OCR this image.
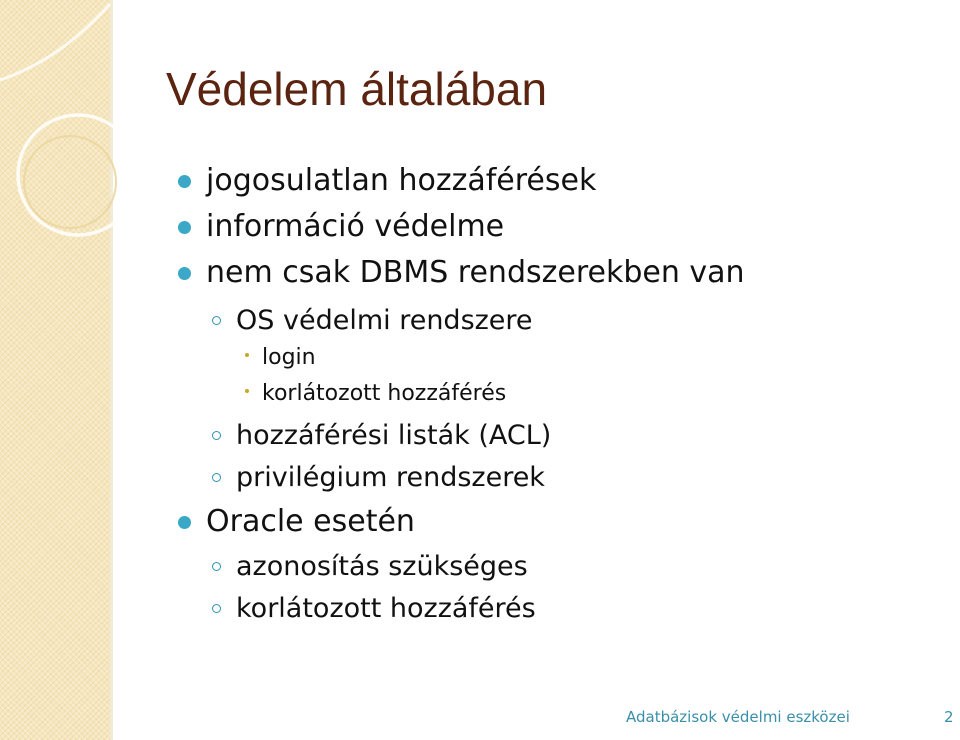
Védelem általában
jogosulatlan hozzáférések
információ védelme
nem csak DBMS rendszerekben van
OS védelmi rendszere
login
korlátozott hozzáférés
hozzáférési listák (ACL)
privilégium rendszerek
Oracle esetén
azonosítás szükséges
korlátozott hozzáférés
Adatbázisok védelmi eszközei	2
